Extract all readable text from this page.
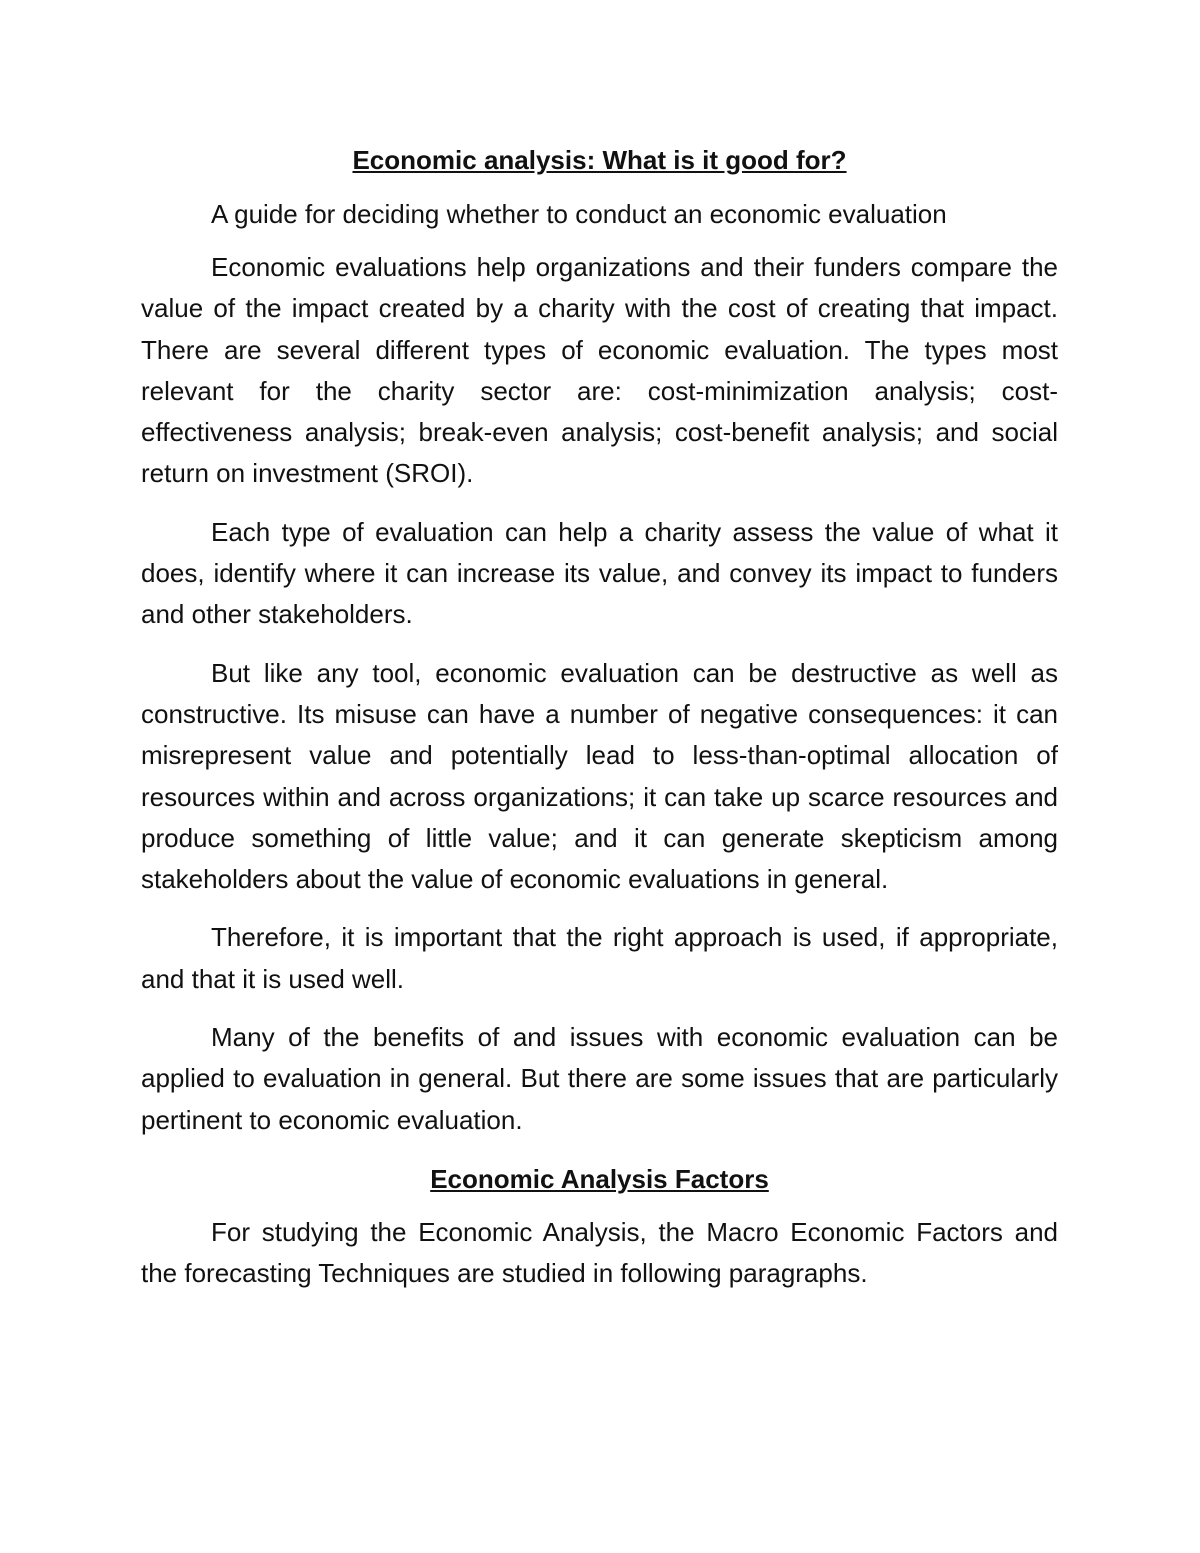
Economic analysis: What is it good for?

A guide for deciding whether to conduct an economic evaluation

Economic evaluations help organizations and their funders compare the value of the impact created by a charity with the cost of creating that impact. There are several different types of economic evaluation. The types most relevant for the charity sector are: cost-minimization analysis; cost-effectiveness analysis; break-even analysis; cost-benefit analysis; and social return on investment (SROI).

Each type of evaluation can help a charity assess the value of what it does, identify where it can increase its value, and convey its impact to funders and other stakeholders.

But like any tool, economic evaluation can be destructive as well as constructive. Its misuse can have a number of negative consequences: it can misrepresent value and potentially lead to less-than-optimal allocation of resources within and across organizations; it can take up scarce resources and produce something of little value; and it can generate skepticism among stakeholders about the value of economic evaluations in general.

Therefore, it is important that the right approach is used, if appropriate, and that it is used well.

Many of the benefits of and issues with economic evaluation can be applied to evaluation in general. But there are some issues that are particularly pertinent to economic evaluation.

Economic Analysis Factors

For studying the Economic Analysis, the Macro Economic Factors and the forecasting Techniques are studied in following paragraphs.
